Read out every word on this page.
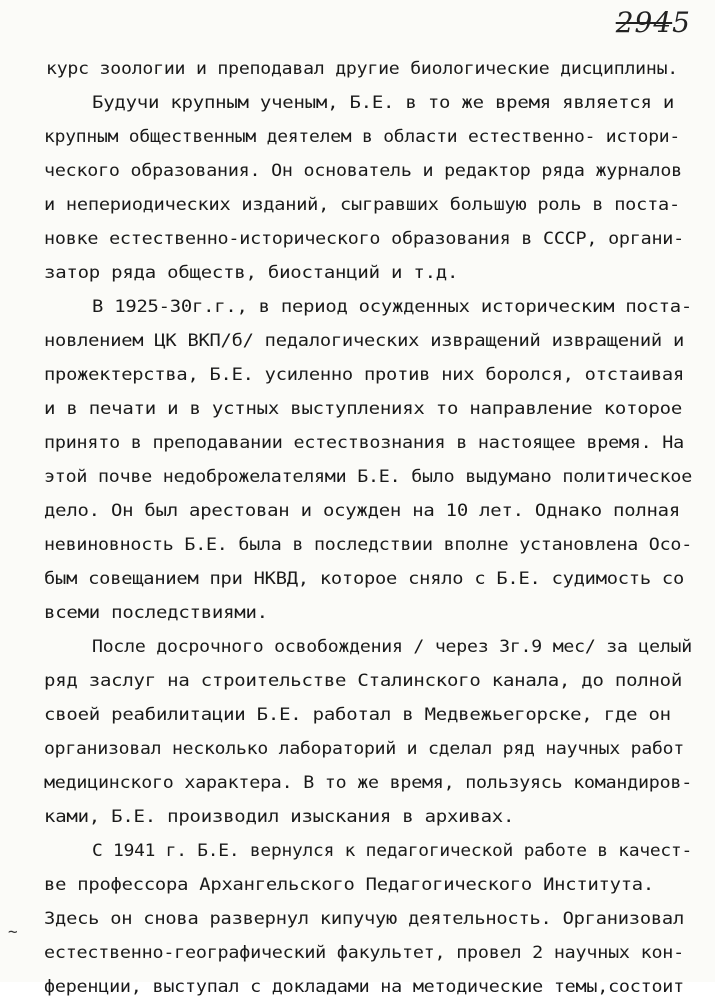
2945
курс зоологии и преподавал другие биологические дисциплины.
Будучи крупным ученым, Б.Е. в то же время является и
крупным общественным деятелем в области естественно- истори-
ческого образования. Он основатель и редактор ряда журналов
и непериодических изданий, сыгравших большую роль в поста-
новке естественно-исторического образования в СССР, органи-
затор ряда обществ, биостанций и т.д.
В 1925-30г.г., в период осужденных историческим поста-
новлением ЦК ВКП/б/ педалогических извращений извращений и
прожектерства, Б.Е. усиленно против них боролся, отстаивая
и в печати и в устных выступлениях то направление которое
принято в преподавании естествознания в настоящее время. На
этой почве недоброжелателями Б.Е. было выдумано политическое
дело. Он был арестован и осужден на 10 лет. Однако полная
невиновность Б.Е. была в последствии вполне установлена Осо-
бым совещанием при НКВД, которое сняло с Б.Е. судимость со
всеми последствиями.
После досрочного освобождения / через 3г.9 мес/ за целый
ряд заслуг на строительстве Сталинского канала, до полной
своей реабилитации Б.Е. работал в Медвежьегорске, где он
организовал несколько лабораторий и сделал ряд научных работ
медицинского характера. В то же время, пользуясь командиров-
ками, Б.Е. производил изыскания в архивах.
С 1941 г. Б.Е. вернулся к педагогической работе в качест-
ве профессора Архангельского Педагогического Института.
Здесь он снова развернул кипучую деятельность. Организовал
естественно-географический факультет, провел 2 научных кон-
ференции, выступал с докладами на методические темы,состоит
~
